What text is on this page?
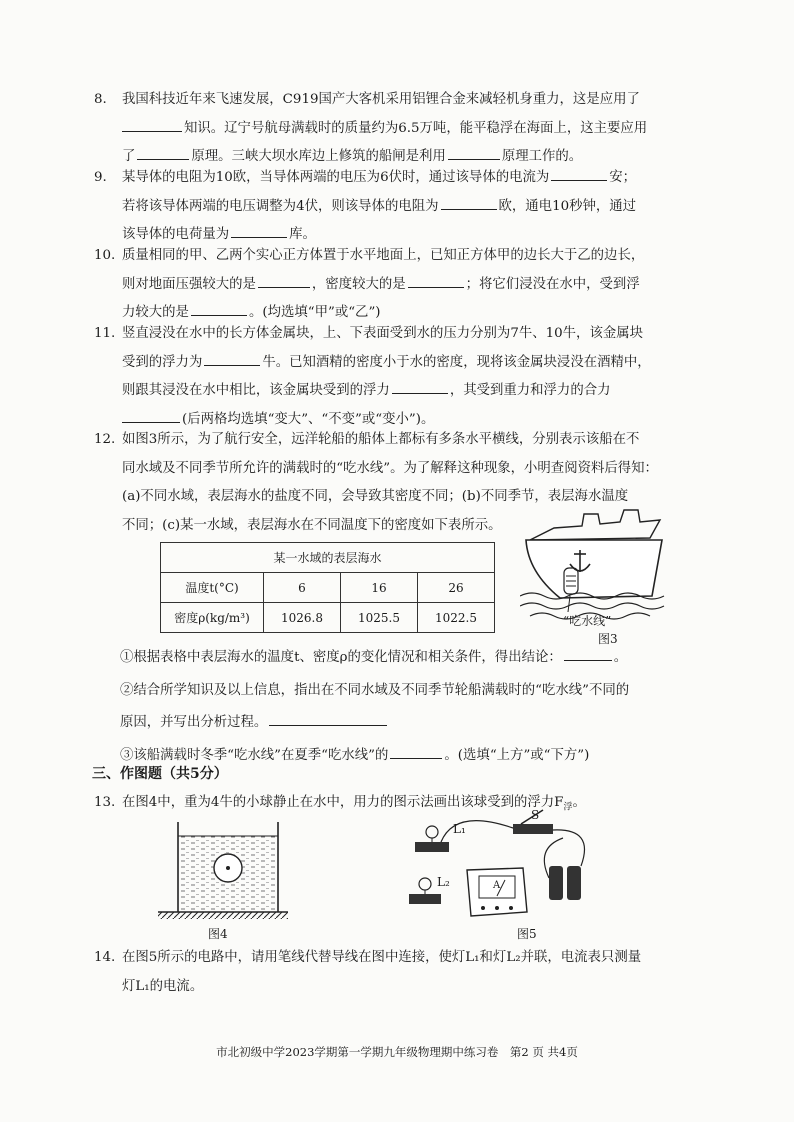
8. 我国科技近年来飞速发展，C919国产大客机采用铝锂合金来减轻机身重力，这是应用了
知识。辽宁号航母满载时的质量约为6.5万吨，能平稳浮在海面上，这主要应用
了	原理。三峡大坝水库边上修筑的船闸是利用	原理工作的。
9. 某导体的电阻为10欧，当导体两端的电压为6伏时，通过该导体的电流为	安；
若将该导体两端的电压调整为4伏，则该导体的电阻为	欧，通电10秒钟，通过
该导体的电荷量为	库。
10. 质量相同的甲、乙两个实心正方体置于水平地面上，已知正方体甲的边长大于乙的边长，
则对地面压强较大的是	，密度较大的是	；将它们浸没在水中，受到浮
力较大的是	。(均选填“甲”或“乙”)
11. 竖直浸没在水中的长方体金属块，上、下表面受到水的压力分别为7牛、10牛，该金属块
受到的浮力为	牛。已知酒精的密度小于水的密度，现将该金属块浸没在酒精中，
则跟其浸没在水中相比，该金属块受到的浮力	，其受到重力和浮力的合力
(后两格均选填“变大”、“不变”或“变小”)。
12. 如图3所示，为了航行安全，远洋轮船的船体上都标有多条水平横线，分别表示该船在不
同水域及不同季节所允许的满载时的“吃水线”。为了解释这种现象，小明查阅资料后得知：
(a)不同水域，表层海水的盐度不同，会导致其密度不同；(b)不同季节，表层海水温度
不同；(c)某一水域，表层海水在不同温度下的密度如下表所示。
某一水域的表层海水			
温度t(°C)	6	16	26
密度ρ(kg/m³)	1026.8	1025.5	1022.5	“吃水线”
图3
①根据表格中表层海水的温度t、密度ρ的变化情况和相关条件，得出结论：	。
②结合所学知识及以上信息，指出在不同水域及不同季节轮船满载时的“吃水线”不同的
原因，并写出分析过程。
③该船满载时冬季“吃水线”在夏季“吃水线”的	。(选填“上方”或“下方”)
三、作图题（共5分）
13. 在图4中，重为4牛的小球静止在水中，用力的图示法画出该球受到的浮力$F_浮$。
图4
L₁
S
L₂	A
图5
14. 在图5所示的电路中，请用笔线代替导线在图中连接，使灯L₁和灯L₂并联，电流表只测量
灯L₁的电流。
市北初级中学2023学期第一学期九年级物理期中练习卷　第2 页 共4页
